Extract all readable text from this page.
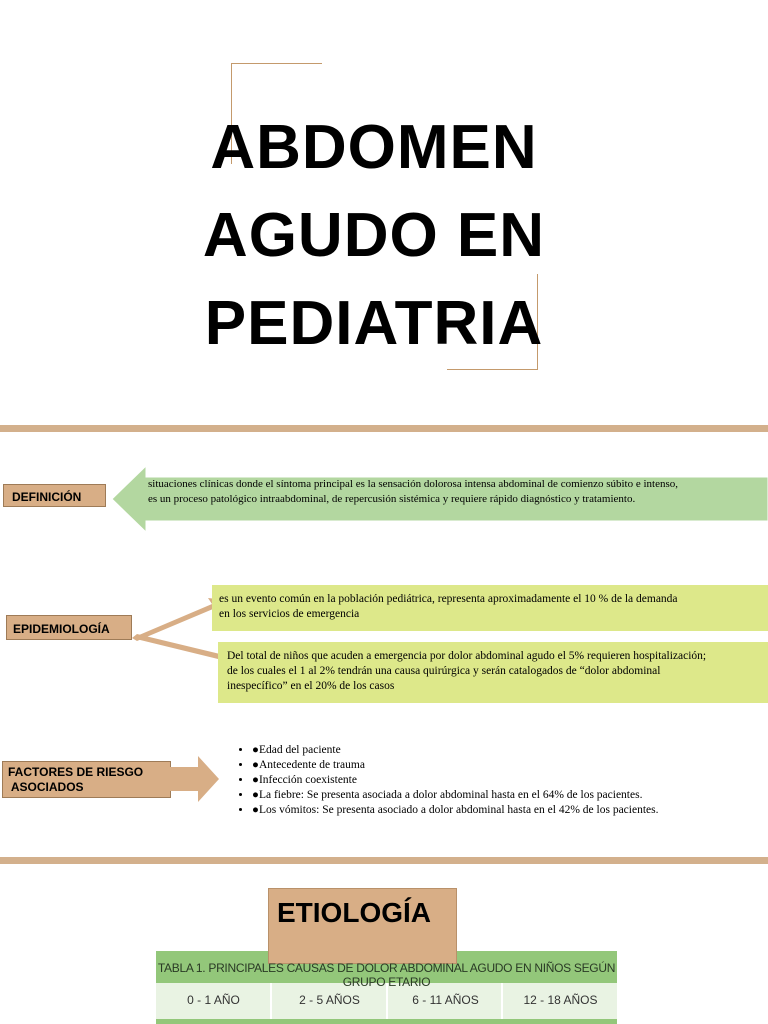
ABDOMEN
AGUDO EN
PEDIATRIA
DEFINICIÓN
situaciones clínicas donde el síntoma principal es la sensación dolorosa intensa abdominal de comienzo súbito e intenso,
es un proceso patológico intraabdominal, de repercusión sistémica y requiere rápido diagnóstico y tratamiento.
EPIDEMIOLOGÍA
es un evento común en la población pediátrica, representa aproximadamente el 10 % de la demanda
en los servicios de emergencia
Del total de niños que acuden a emergencia por dolor abdominal agudo el 5% requieren hospitalización;
de los cuales el 1 al 2% tendrán una causa quirúrgica y serán catalogados de “dolor abdominal
inespecífico” en el 20% de los casos
FACTORES DE RIESGO
ASOCIADOS
• ●Edad del paciente
• ●Antecedente de trauma
• ●Infección coexistente
• ●La fiebre: Se presenta asociada a dolor abdominal hasta en el 64% de los pacientes.
• ●Los vómitos: Se presenta asociado a dolor abdominal hasta en el 42% de los pacientes.
ETIOLOGÍA
TABLA 1. PRINCIPALES CAUSAS DE DOLOR ABDOMINAL AGUDO EN NIÑOS SEGÚN GRUPO ETARIO
0 - 1 AÑO	2 - 5 AÑOS	6 - 11 AÑOS	12 - 18 AÑOS
